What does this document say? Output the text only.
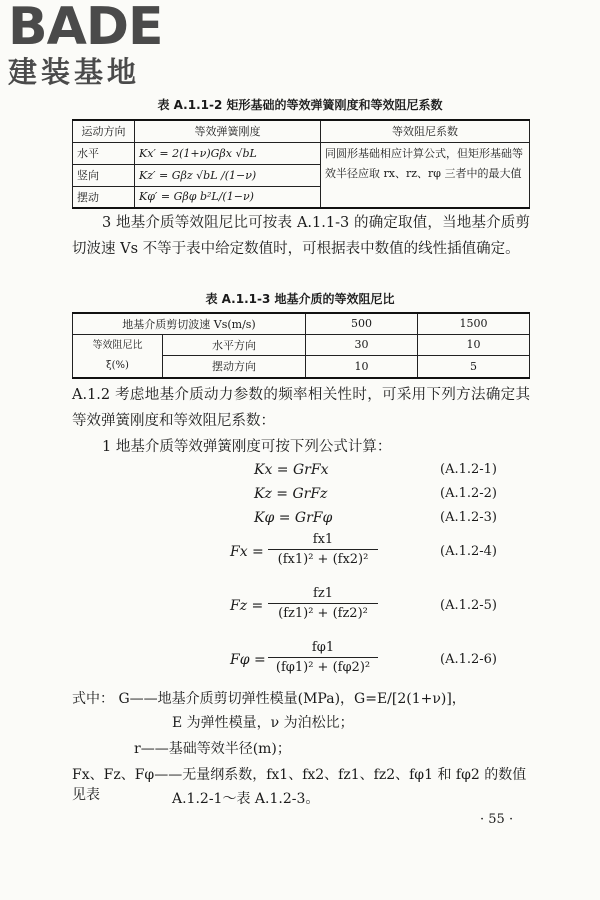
BADE
建装基地
表 A.1.1-2 矩形基础的等效弹簧刚度和等效阻尼系数
运动方向	等效弹簧刚度	等效阻尼系数
水平	Kx′ = 2(1+ν)Gβx √bL	同圆形基础相应计算公式，但矩形基础等效半径应取 rx、rz、rφ 三者中的最大值
竖向	Kz′ = Gβz √bL /(1−ν)	
摆动	Kφ′ = Gβφ b²L/(1−ν)	
3 地基介质等效阻尼比可按表 A.1.1-3 的确定取值，当地基介质剪切波速 Vs 不等于表中给定数值时，可根据表中数值的线性插值确定。
表 A.1.1-3 地基介质的等效阻尼比
地基介质剪切波速 Vs(m/s)		500	1500

等效阻尼比
ξ(%)	水平方向	30	10
	摆动方向	10	5
A.1.2 考虑地基介质动力参数的频率相关性时，可采用下列方法确定其等效弹簧刚度和等效阻尼系数：
1 地基介质等效弹簧刚度可按下列公式计算：
Kx = GrFx	(A.1.2-1)
Kz = GrFz	(A.1.2-2)
Kφ = GrFφ	(A.1.2-3)
$Fx = \frac{fx1}{\text{(fx1)² + (fx2)²}}$	(A.1.2-4)
$Fz = \frac{fz1}{\text{(fz1)² + (fz2)²}}$	(A.1.2-5)
$F\varphi = \frac{f\varphi 1}{\text{(fφ1)² + (fφ2)²}}$	(A.1.2-6)
式中： G——地基介质剪切弹性模量(MPa)，G=E/[2(1+ν)]，
E 为弹性模量，ν 为泊松比；
r——基础等效半径(m)；
Fx、Fz、Fφ——无量纲系数，fx1、fx2、fz1、fz2、fφ1 和 fφ2 的数值见表	A.1.2-1～表 A.1.2-3。
· 55 ·
